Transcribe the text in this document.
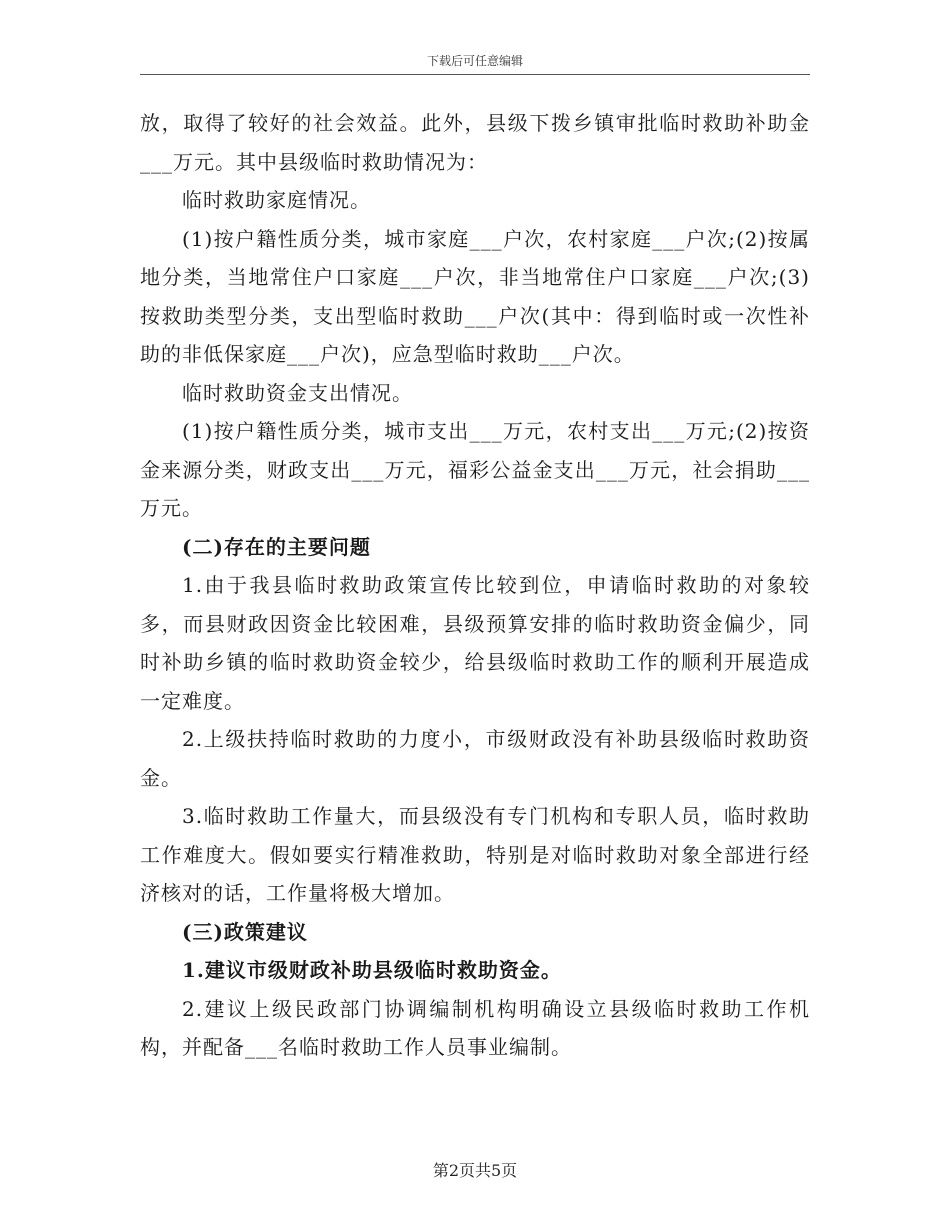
下载后可任意编辑

放，取得了较好的社会效益。此外，县级下拨乡镇审批临时救助补助金___万元。其中县级临时救助情况为：

临时救助家庭情况。

(1)按户籍性质分类，城市家庭___户次，农村家庭___户次;(2)按属地分类，当地常住户口家庭___户次，非当地常住户口家庭___户次;(3)按救助类型分类，支出型临时救助___户次(其中：得到临时或一次性补助的非低保家庭___户次)，应急型临时救助___户次。

临时救助资金支出情况。

(1)按户籍性质分类，城市支出___万元，农村支出___万元;(2)按资金来源分类，财政支出___万元，福彩公益金支出___万元，社会捐助___万元。

(二)存在的主要问题

1.由于我县临时救助政策宣传比较到位，申请临时救助的对象较多，而县财政因资金比较困难，县级预算安排的临时救助资金偏少，同时补助乡镇的临时救助资金较少，给县级临时救助工作的顺利开展造成一定难度。

2.上级扶持临时救助的力度小，市级财政没有补助县级临时救助资金。

3.临时救助工作量大，而县级没有专门机构和专职人员，临时救助工作难度大。假如要实行精准救助，特别是对临时救助对象全部进行经济核对的话，工作量将极大增加。

(三)政策建议

1.建议市级财政补助县级临时救助资金。

2.建议上级民政部门协调编制机构明确设立县级临时救助工作机构，并配备___名临时救助工作人员事业编制。

第2页共5页
